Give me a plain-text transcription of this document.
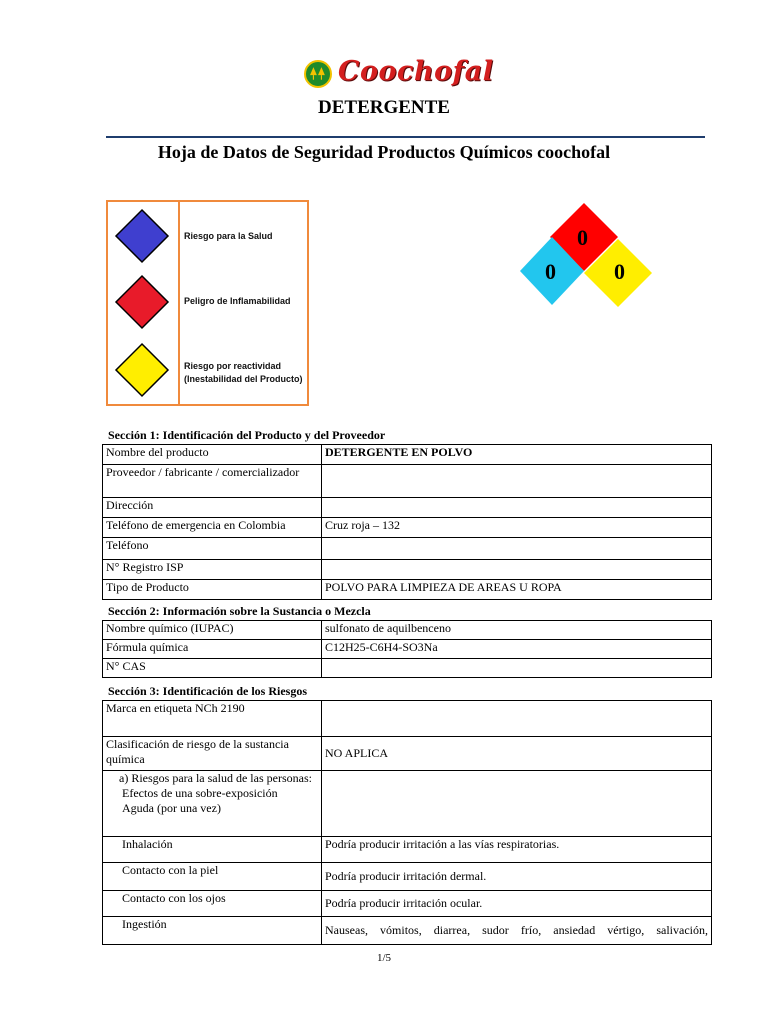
Coochofal
DETERGENTE
Hoja de Datos de Seguridad Productos Químicos coochofal
Riesgo para la Salud
Peligro de Inflamabilidad
Riesgo por reactividad
(Inestabilidad del Producto)
0
0	0
Sección 1: Identificación del Producto y del Proveedor
Nombre del producto	DETERGENTE EN POLVO
Proveedor / fabricante / comercializador	
Dirección	
Teléfono de emergencia en Colombia	Cruz roja – 132
Teléfono	
N° Registro ISP	
Tipo de Producto	POLVO PARA LIMPIEZA DE AREAS U ROPA
Sección 2: Información sobre la Sustancia o Mezcla
Nombre químico (IUPAC)	sulfonato de aquilbenceno
Fórmula química	C12H25-C6H4-SO3Na
N° CAS	
Sección 3: Identificación de los Riesgos
Marca en etiqueta NCh 2190	
Clasificación de riesgo de la sustancia química	NO APLICA

a) Riesgos para la salud de las personas:
Efectos de una sobre-exposición
Aguda (por una vez)	

Inhalación	Podría producir irritación a las vías respiratorias.

Contacto con la piel	Podría producir irritación dermal.

Contacto con los ojos	Podría producir irritación ocular.

Ingestión	Nauseas, vómitos, diarrea, sudor frío, ansiedad vértigo, salivación,
1/5
